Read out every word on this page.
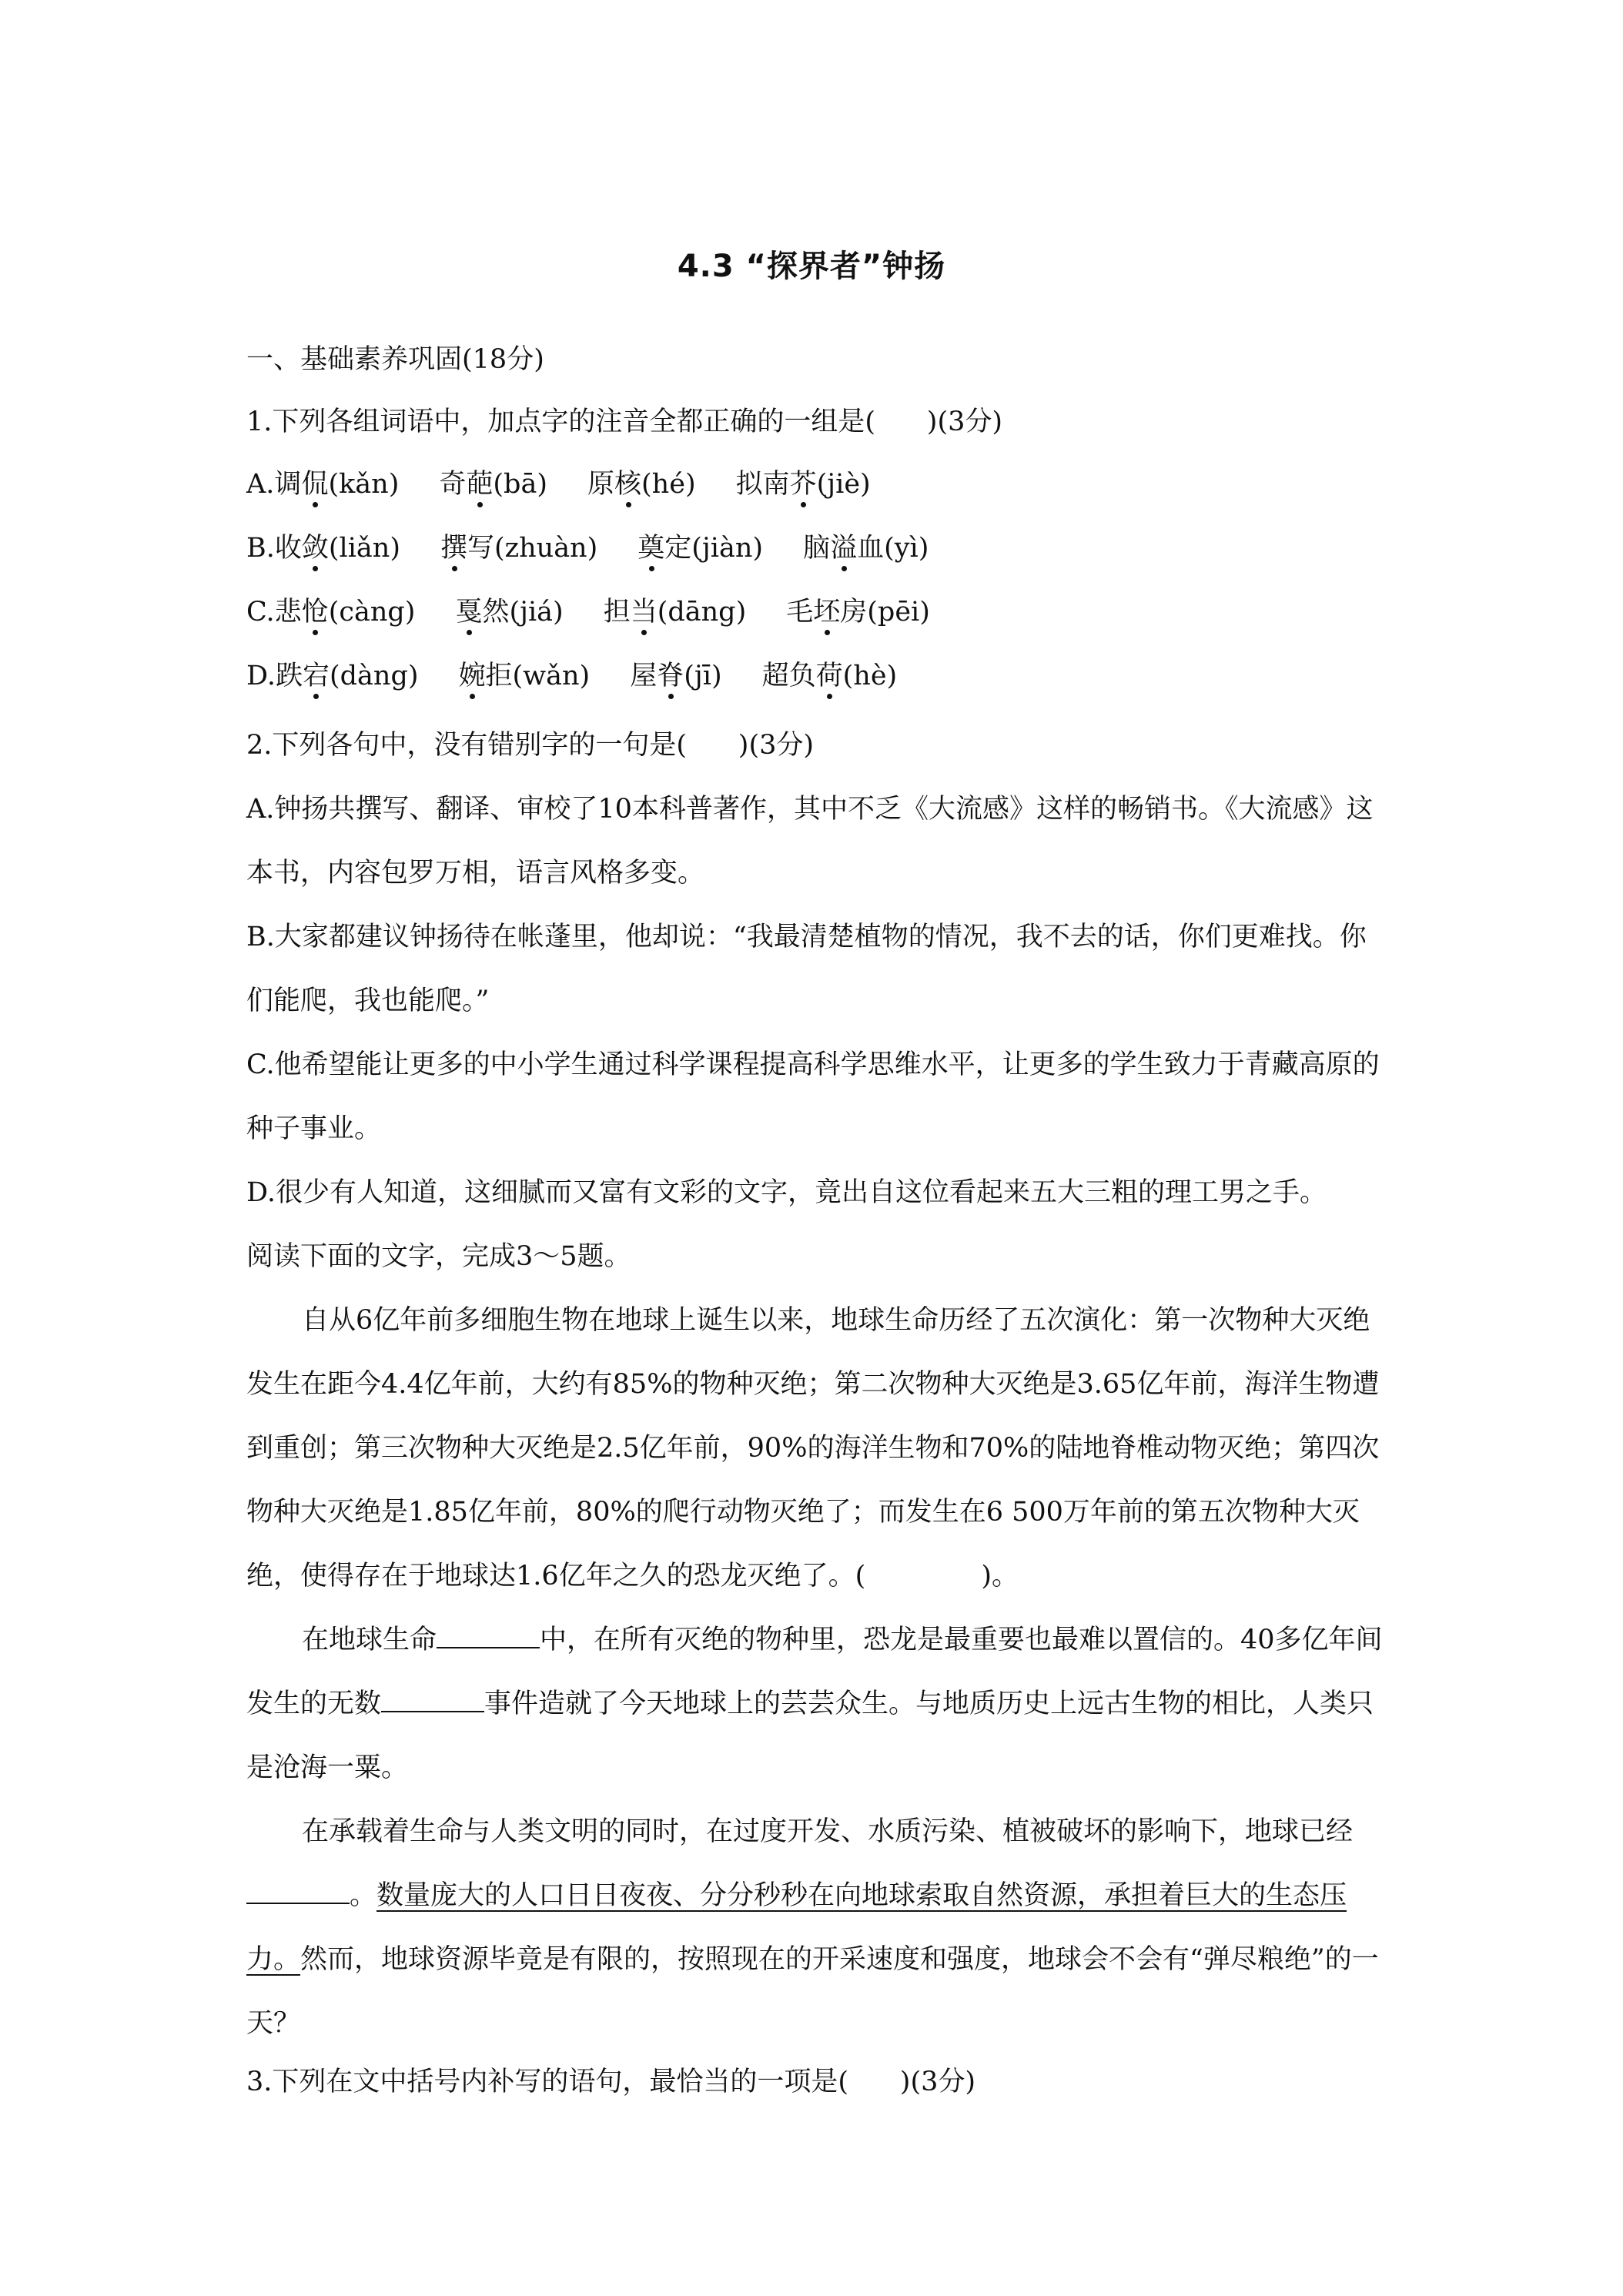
4.3 “探界者”钟扬
一、基础素养巩固(18分)
1.下列各组词语中，加点字的注音全都正确的一组是(      )(3分)
A.调侃(kǎn) 奇葩(bā) 原核(hé) 拟南芥(jiè)
B.收敛(liǎn) 撰写(zhuàn) 奠定(jiàn) 脑溢血(yì)
C.悲怆(càng) 戛然(jiá) 担当(dāng) 毛坯房(pēi)
D.跌宕(dàng) 婉拒(wǎn) 屋脊(jī) 超负荷(hè)
2.下列各句中，没有错别字的一句是(      )(3分)
A.钟扬共撰写、翻译、审校了10本科普著作，其中不乏《大流感》这样的畅销书。《大流感》这本书，内容包罗万相，语言风格多变。
B.大家都建议钟扬待在帐蓬里，他却说：“我最清楚植物的情况，我不去的话，你们更难找。你们能爬，我也能爬。”
C.他希望能让更多的中小学生通过科学课程提高科学思维水平，让更多的学生致力于青藏高原的种子事业。
D.很少有人知道，这细腻而又富有文彩的文字，竟出自这位看起来五大三粗的理工男之手。
阅读下面的文字，完成3～5题。
自从6亿年前多细胞生物在地球上诞生以来，地球生命历经了五次演化：第一次物种大灭绝发生在距今4.4亿年前，大约有85%的物种灭绝；第二次物种大灭绝是3.65亿年前，海洋生物遭到重创；第三次物种大灭绝是2.5亿年前，90%的海洋生物和70%的陆地脊椎动物灭绝；第四次物种大灭绝是1.85亿年前，80%的爬行动物灭绝了；而发生在6 500万年前的第五次物种大灭绝，使得存在于地球达1.6亿年之久的恐龙灭绝了。(	)。
在地球生命	中，在所有灭绝的物种里，恐龙是最重要也最难以置信的。40多亿年间发生的无数	事件造就了今天地球上的芸芸众生。与地质历史上远古生物的相比，人类只是沧海一粟。
在承载着生命与人类文明的同时，在过度开发、水质污染、植被破坏的影响下，地球已经。数量庞大的人口日日夜夜、分分秒秒在向地球索取自然资源，承担着巨大的生态压力。然而，地球资源毕竟是有限的，按照现在的开采速度和强度，地球会不会有“弹尽粮绝”的一天？
3.下列在文中括号内补写的语句，最恰当的一项是(      )(3分)
